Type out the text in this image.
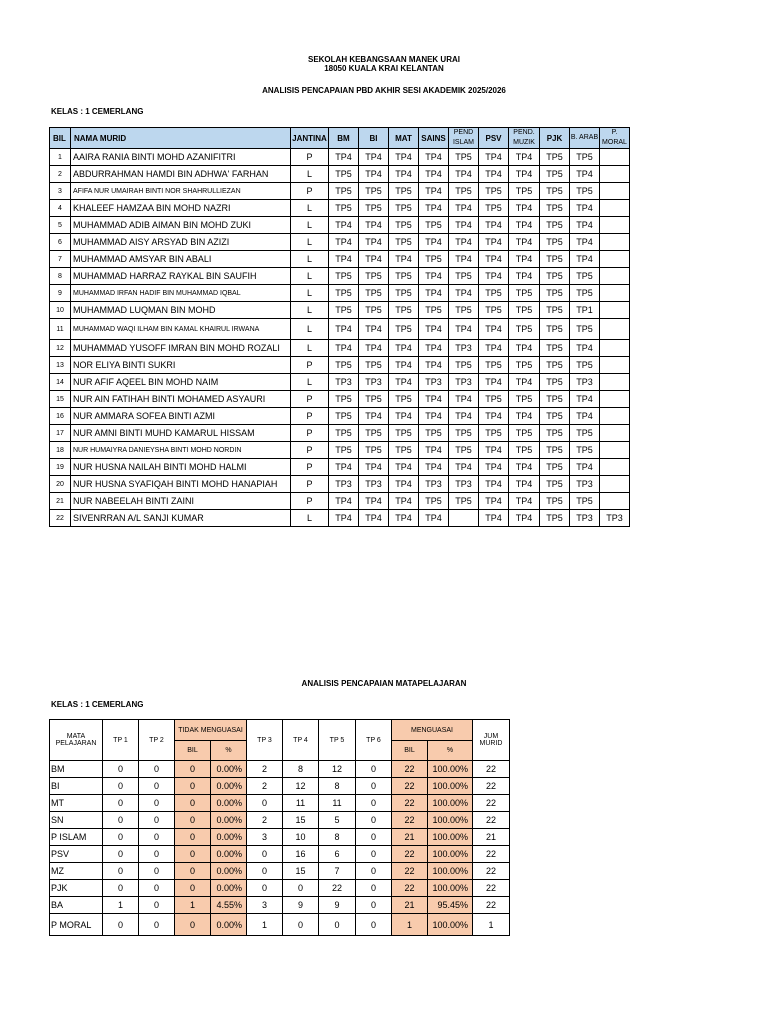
SEKOLAH KEBANGSAAN MANEK URAI
18050 KUALA KRAI KELANTAN
ANALISIS PENCAPAIAN PBD AKHIR SESI AKADEMIK 2025/2026
KELAS : 1 CEMERLANG
BIL	NAMA MURID	JANTINA	BM	BI	MAT	SAINS	PEND ISLAM	PSV	PEND. MUZIK	PJK	B. ARAB	P. MORAL
1	AAIRA RANIA BINTI MOHD AZANIFITRI	P	TP4	TP4	TP4	TP4	TP5	TP4	TP4	TP5	TP5	
2	ABDURRAHMAN HAMDI BIN ADHWA' FARHAN	L	TP5	TP4	TP4	TP4	TP4	TP4	TP4	TP5	TP4	
3	AFIFA NUR UMAIRAH BINTI NOR SHAHRULLIEZAN	P	TP5	TP5	TP5	TP4	TP5	TP5	TP5	TP5	TP5	
4	KHALEEF HAMZAA BIN MOHD NAZRI	L	TP5	TP5	TP5	TP4	TP4	TP5	TP4	TP5	TP4	
5	MUHAMMAD ADIB AIMAN BIN MOHD ZUKI	L	TP4	TP4	TP5	TP5	TP4	TP4	TP4	TP5	TP4	
6	MUHAMMAD AISY ARSYAD BIN AZIZI	L	TP4	TP4	TP5	TP4	TP4	TP4	TP4	TP5	TP4	
7	MUHAMMAD AMSYAR BIN ABALI	L	TP4	TP4	TP4	TP5	TP4	TP4	TP4	TP5	TP4	
8	MUHAMMAD HARRAZ RAYKAL BIN SAUFIH	L	TP5	TP5	TP5	TP4	TP5	TP4	TP4	TP5	TP5	
9	MUHAMMAD IRFAN HADIF BIN MUHAMMAD IQBAL	L	TP5	TP5	TP5	TP4	TP4	TP5	TP5	TP5	TP5	
10	MUHAMMAD LUQMAN BIN MOHD	L	TP5	TP5	TP5	TP5	TP5	TP5	TP5	TP5	TP1	
11	MUHAMMAD WAQI ILHAM BIN KAMAL KHAIRUL IRWANA	L	TP4	TP4	TP5	TP4	TP4	TP4	TP5	TP5	TP5	
12	MUHAMMAD YUSOFF IMRAN BIN MOHD ROZALI	L	TP4	TP4	TP4	TP4	TP3	TP4	TP4	TP5	TP4	
13	NOR ELIYA BINTI SUKRI	P	TP5	TP5	TP4	TP4	TP5	TP5	TP5	TP5	TP5	
14	NUR AFIF AQEEL BIN MOHD NAIM	L	TP3	TP3	TP4	TP3	TP3	TP4	TP4	TP5	TP3	
15	NUR AIN FATIHAH BINTI MOHAMED ASYAURI	P	TP5	TP5	TP5	TP4	TP4	TP5	TP5	TP5	TP4	
16	NUR AMMARA SOFEA BINTI AZMI	P	TP5	TP4	TP4	TP4	TP4	TP4	TP4	TP5	TP4	
17	NUR AMNI BINTI MUHD KAMARUL HISSAM	P	TP5	TP5	TP5	TP5	TP5	TP5	TP5	TP5	TP5	
18	NUR HUMAIYRA DANIEYSHA BINTI MOHD NORDIN	P	TP5	TP5	TP5	TP4	TP5	TP4	TP5	TP5	TP5	
19	NUR HUSNA NAILAH BINTI MOHD HALMI	P	TP4	TP4	TP4	TP4	TP4	TP4	TP4	TP5	TP4	
20	NUR HUSNA SYAFIQAH BINTI MOHD HANAPIAH	P	TP3	TP3	TP4	TP3	TP3	TP4	TP4	TP5	TP3	
21	NUR NABEELAH BINTI ZAINI	P	TP4	TP4	TP4	TP5	TP5	TP4	TP4	TP5	TP5	
22	SIVENRRAN A/L SANJI KUMAR	L	TP4	TP4	TP4	TP4		TP4	TP4	TP5	TP3	TP3
ANALISIS PENCAPAIAN MATAPELAJARAN
KELAS : 1 CEMERLANG
MATA PELAJARAN	TP 1	TP 2	TIDAK MENGUASAI		TP 3	TP 4	TP 5	TP 6	MENGUASAI		JUM MURID
			BIL	%					BIL	%	
BM	0	0	0	0.00%	2	8	12	0	22	100.00%	22
BI	0	0	0	0.00%	2	12	8	0	22	100.00%	22
MT	0	0	0	0.00%	0	11	11	0	22	100.00%	22
SN	0	0	0	0.00%	2	15	5	0	22	100.00%	22
P ISLAM	0	0	0	0.00%	3	10	8	0	21	100.00%	21
PSV	0	0	0	0.00%	0	16	6	0	22	100.00%	22
MZ	0	0	0	0.00%	0	15	7	0	22	100.00%	22
PJK	0	0	0	0.00%	0	0	22	0	22	100.00%	22
BA	1	0	1	4.55%	3	9	9	0	21	95.45%	22
P MORAL	0	0	0	0.00%	1	0	0	0	1	100.00%	1
